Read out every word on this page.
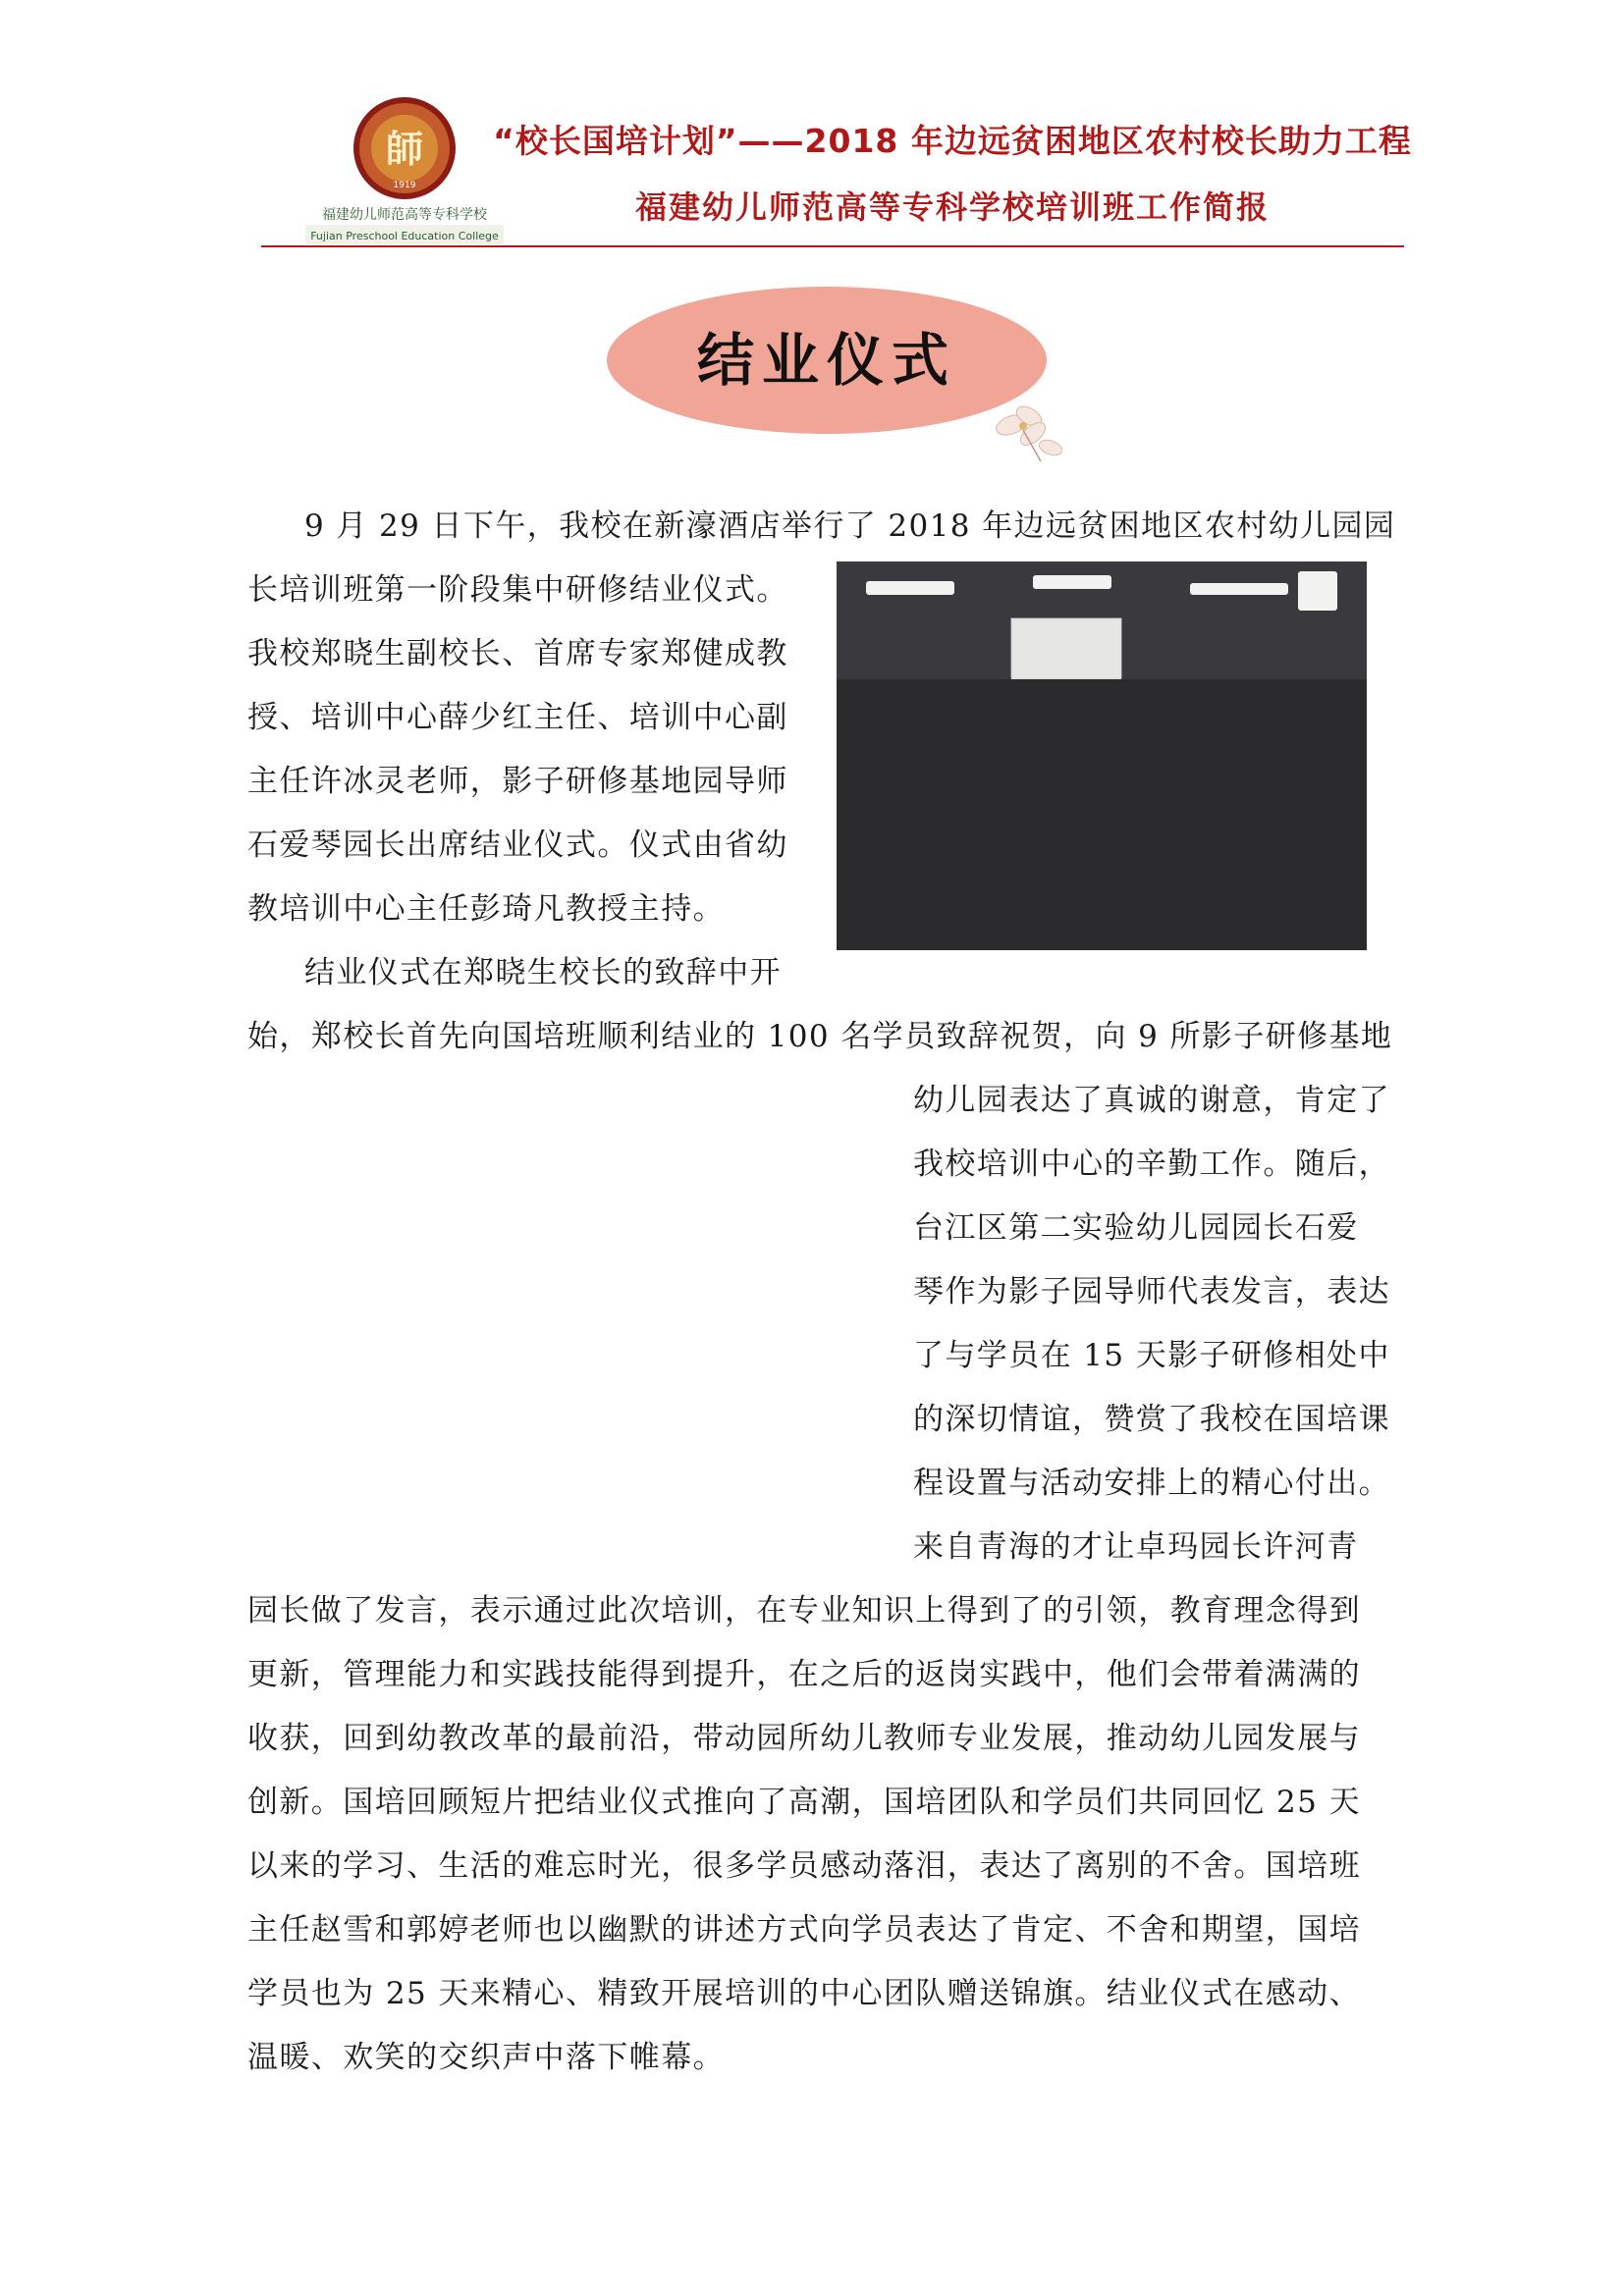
師
1919
福建幼儿师范高等专科学校
Fujian Preschool Education College
“校长国培计划”——2018 年边远贫困地区农村校长助力工程
福建幼儿师范高等专科学校培训班工作简报
结业仪式
9 月 29 日下午，我校在新濠酒店举行了 2018 年边远贫困地区农村幼儿园园
长培训班第一阶段集中研修结业仪式。
我校郑晓生副校长、首席专家郑健成教
授、培训中心薛少红主任、培训中心副
主任许冰灵老师，影子研修基地园导师
石爱琴园长出席结业仪式。仪式由省幼
教培训中心主任彭琦凡教授主持。
结业仪式在郑晓生校长的致辞中开
始，郑校长首先向国培班顺利结业的 100 名学员致辞祝贺，向 9 所影子研修基地
幼儿园表达了真诚的谢意，肯定了
我校培训中心的辛勤工作。随后，
台江区第二实验幼儿园园长石爱
琴作为影子园导师代表发言，表达
了与学员在 15 天影子研修相处中
的深切情谊，赞赏了我校在国培课
程设置与活动安排上的精心付出。
来自青海的才让卓玛园长许河青
园长做了发言，表示通过此次培训，在专业知识上得到了的引领，教育理念得到
更新，管理能力和实践技能得到提升，在之后的返岗实践中，他们会带着满满的
收获，回到幼教改革的最前沿，带动园所幼儿教师专业发展，推动幼儿园发展与
创新。国培回顾短片把结业仪式推向了高潮，国培团队和学员们共同回忆 25 天
以来的学习、生活的难忘时光，很多学员感动落泪，表达了离别的不舍。国培班
主任赵雪和郭婷老师也以幽默的讲述方式向学员表达了肯定、不舍和期望，国培
学员也为 25 天来精心、精致开展培训的中心团队赠送锦旗。结业仪式在感动、
温暖、欢笑的交织声中落下帷幕。
